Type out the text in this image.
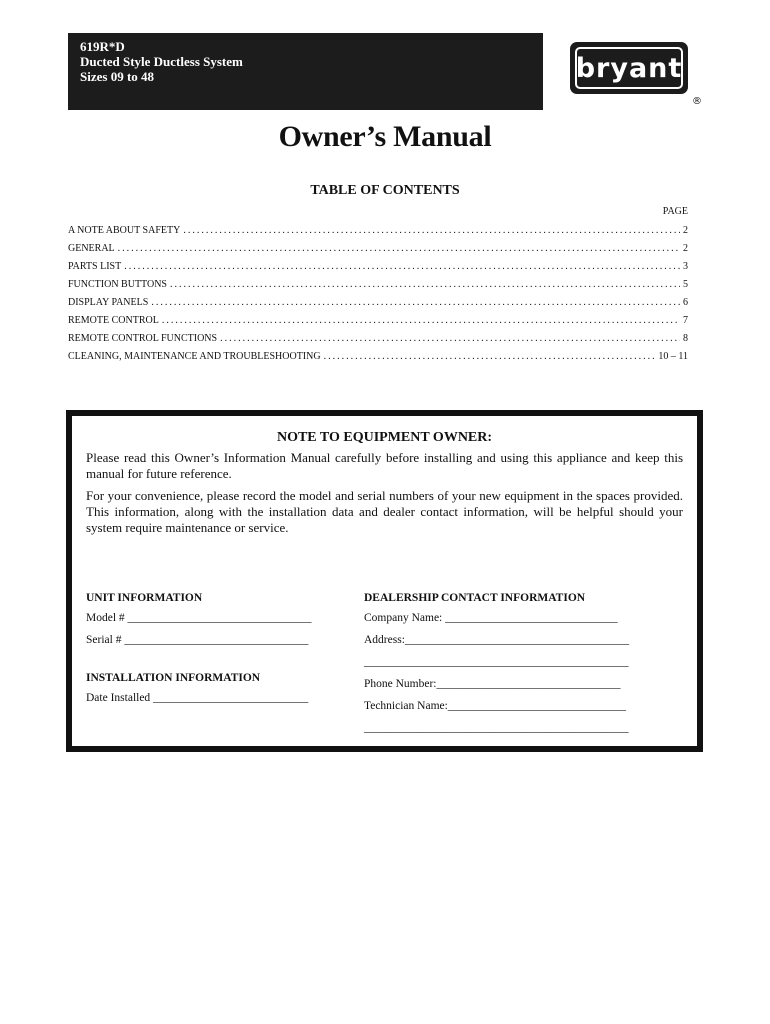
619R*D
Ducted Style Ductless System
Sizes 09 to 48	bryant
®
Owner’s Manual
TABLE OF CONTENTS
PAGE
A NOTE ABOUT SAFETY .....	2
GENERAL .....	2
PARTS LIST .....	3
FUNCTION BUTTONS .....	5
DISPLAY PANELS .....	6
REMOTE CONTROL .....	7
REMOTE CONTROL FUNCTIONS .....	8
CLEANING, MAINTENANCE AND TROUBLESHOOTING .....	10 – 11
NOTE TO EQUIPMENT OWNER:

Please read this Owner’s Information Manual carefully before installing and using this appliance and keep this manual for future reference.

For your convenience, please record the model and serial numbers of your new equipment in the spaces provided. This information, along with the installation data and dealer contact information, will be helpful should your system require maintenance or service.

UNIT INFORMATION
Model # ________________________________
Serial # ________________________________
INSTALLATION INFORMATION
Date Installed ___________________________
DEALERSHIP CONTACT INFORMATION
Company Name: ______________________________
Address:_______________________________________
______________________________________________
Phone Number:________________________________
Technician Name:_______________________________
______________________________________________
